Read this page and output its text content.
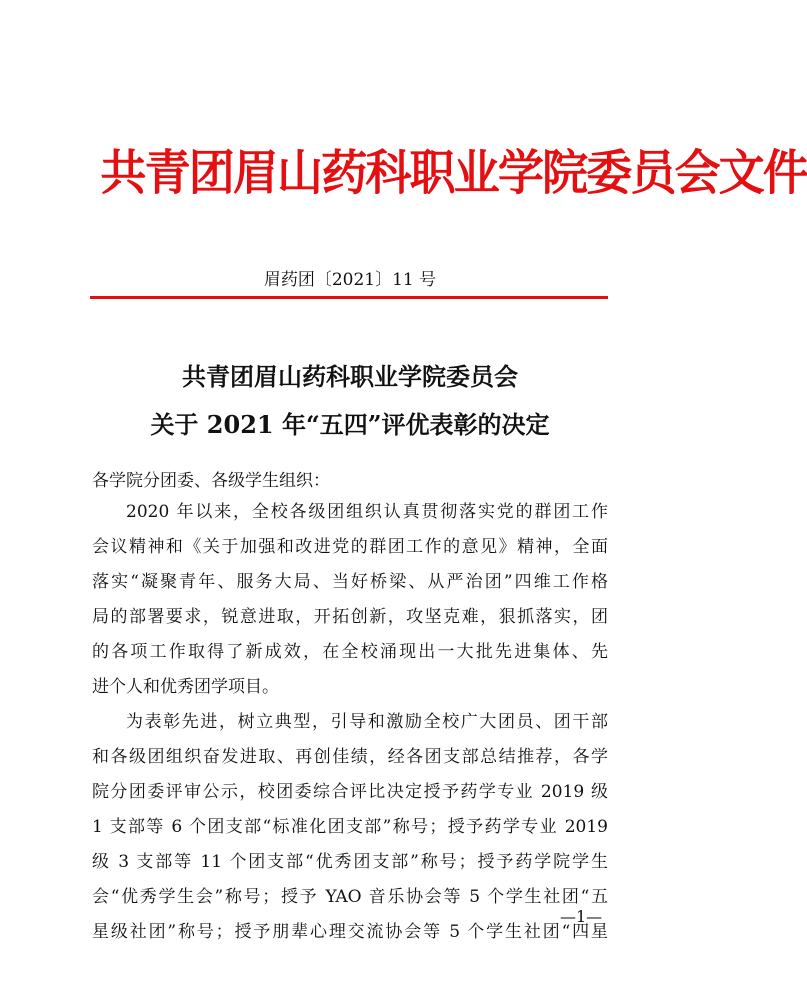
共青团眉山药科职业学院委员会文件
眉药团〔2021〕11 号
共青团眉山药科职业学院委员会
关于 2021 年“五四”评优表彰的决定
各学院分团委、各级学生组织：
2020 年以来，全校各级团组织认真贯彻落实党的群团工作
会议精神和《关于加强和改进党的群团工作的意见》精神，全面
落实“凝聚青年、服务大局、当好桥梁、从严治团”四维工作格
局的部署要求，锐意进取，开拓创新，攻坚克难，狠抓落实，团
的各项工作取得了新成效，在全校涌现出一大批先进集体、先
进个人和优秀团学项目。
为表彰先进，树立典型，引导和激励全校广大团员、团干部
和各级团组织奋发进取、再创佳绩，经各团支部总结推荐，各学
院分团委评审公示，校团委综合评比决定授予药学专业 2019 级
1 支部等 6 个团支部“标准化团支部”称号；授予药学专业 2019
级 3 支部等 11 个团支部“优秀团支部”称号；授予药学院学生
会“优秀学生会”称号；授予 YAO 音乐协会等 5 个学生社团“五
星级社团”称号；授予朋辈心理交流协会等 5 个学生社团“四星
—1—
